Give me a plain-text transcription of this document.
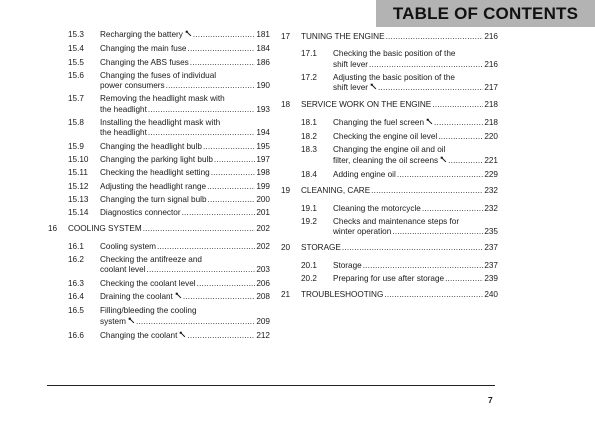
TABLE OF CONTENTS
15.3 Recharging the battery .....	181
15.4 Changing the main fuse .....	184
15.5 Changing the ABS fuses .....	186
15.6 Changing the fuses of individual
power consumers .....	190
15.7 Removing the headlight mask with
the headlight .....	193
15.8 Installing the headlight mask with
the headlight .....	194
15.9 Changing the headlight bulb .....	195
15.10 Changing the parking light bulb .....	197
15.11 Checking the headlight setting .....	198
15.12 Adjusting the headlight range .....	199
15.13 Changing the turn signal bulb .....	200
15.14 Diagnostics connector .....	201
16 COOLING SYSTEM .....	202
16.1 Cooling system .....	202
16.2 Checking the antifreeze and
coolant level .....	203
16.3 Checking the coolant level .....	206
16.4 Draining the coolant .....	208
16.5 Filling/bleeding the cooling
system .....	209
16.6 Changing the coolant .....	212
17 TUNING THE ENGINE .....	216
17.1 Checking the basic position of the
shift lever .....	216
17.2 Adjusting the basic position of the
shift lever .....	217
18 SERVICE WORK ON THE ENGINE .....	218
18.1 Changing the fuel screen .....	218
18.2 Checking the engine oil level .....	220
18.3 Changing the engine oil and oil
filter, cleaning the oil screens .....	221
18.4 Adding engine oil .....	229
19 CLEANING, CARE .....	232
19.1 Cleaning the motorcycle .....	232
19.2 Checks and maintenance steps for
winter operation .....	235
20 STORAGE .....	237
20.1 Storage .....	237
20.2 Preparing for use after storage .....	239
21 TROUBLESHOOTING .....	240
7
